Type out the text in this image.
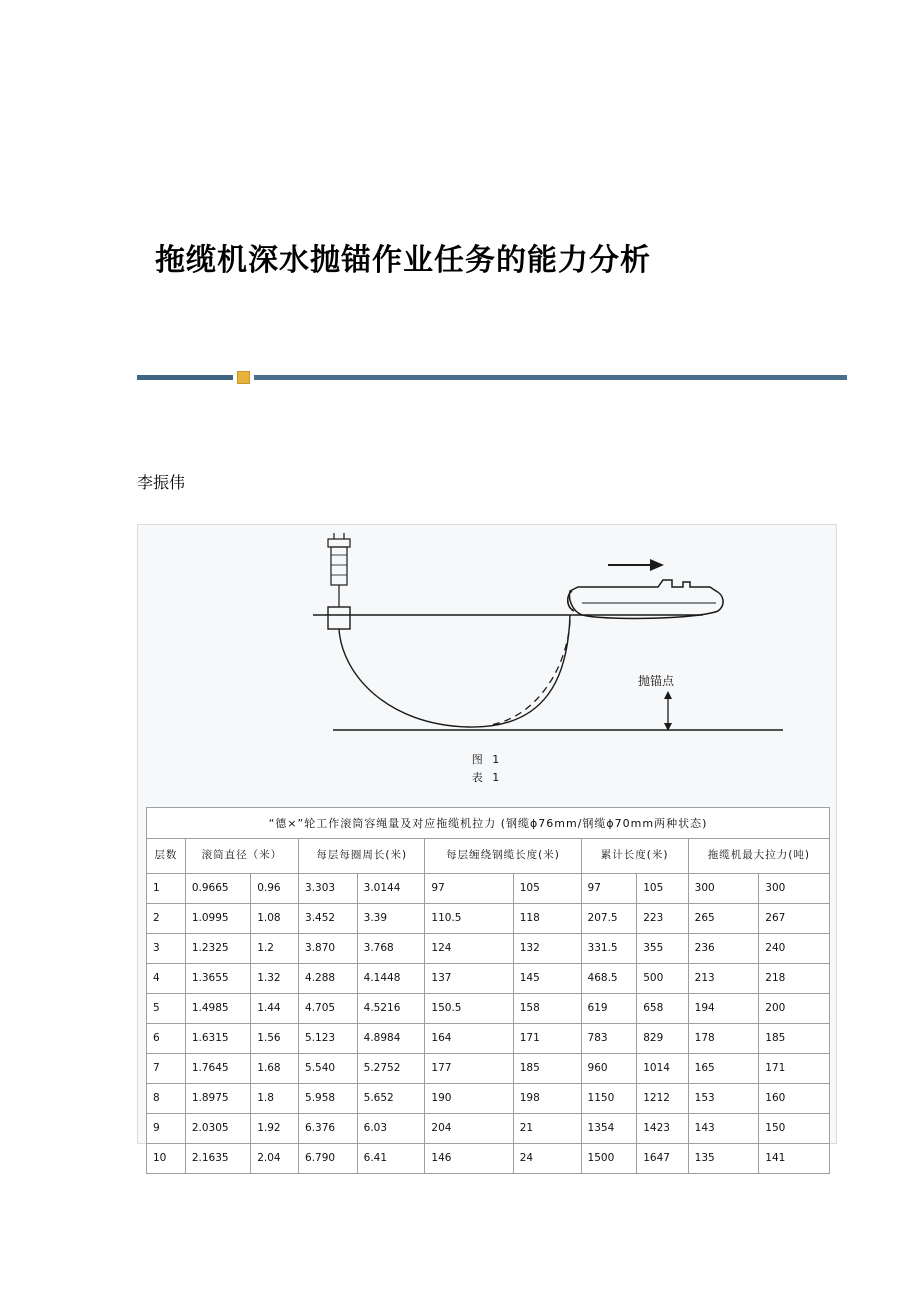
拖缆机深水抛锚作业任务的能力分析
李振伟
抛锚点
图 1
表 1
“德×”轮工作滚筒容绳量及对应拖缆机拉力 (钢缆ϕ76mm/钢缆ϕ70mm两种状态)										
层数	滚筒直径（米）		每层每圈周长(米)		每层缠绕钢缆长度(米)		累计长度(米)		拖缆机最大拉力(吨)	
1	0.9665	0.96	3.303	3.0144	97	105	97	105	300	300
2	1.0995	1.08	3.452	3.39	110.5	118	207.5	223	265	267
3	1.2325	1.2	3.870	3.768	124	132	331.5	355	236	240
4	1.3655	1.32	4.288	4.1448	137	145	468.5	500	213	218
5	1.4985	1.44	4.705	4.5216	150.5	158	619	658	194	200
6	1.6315	1.56	5.123	4.8984	164	171	783	829	178	185
7	1.7645	1.68	5.540	5.2752	177	185	960	1014	165	171
8	1.8975	1.8	5.958	5.652	190	198	1150	1212	153	160
9	2.0305	1.92	6.376	6.03	204	21	1354	1423	143	150
10	2.1635	2.04	6.790	6.41	146	24	1500	1647	135	141
